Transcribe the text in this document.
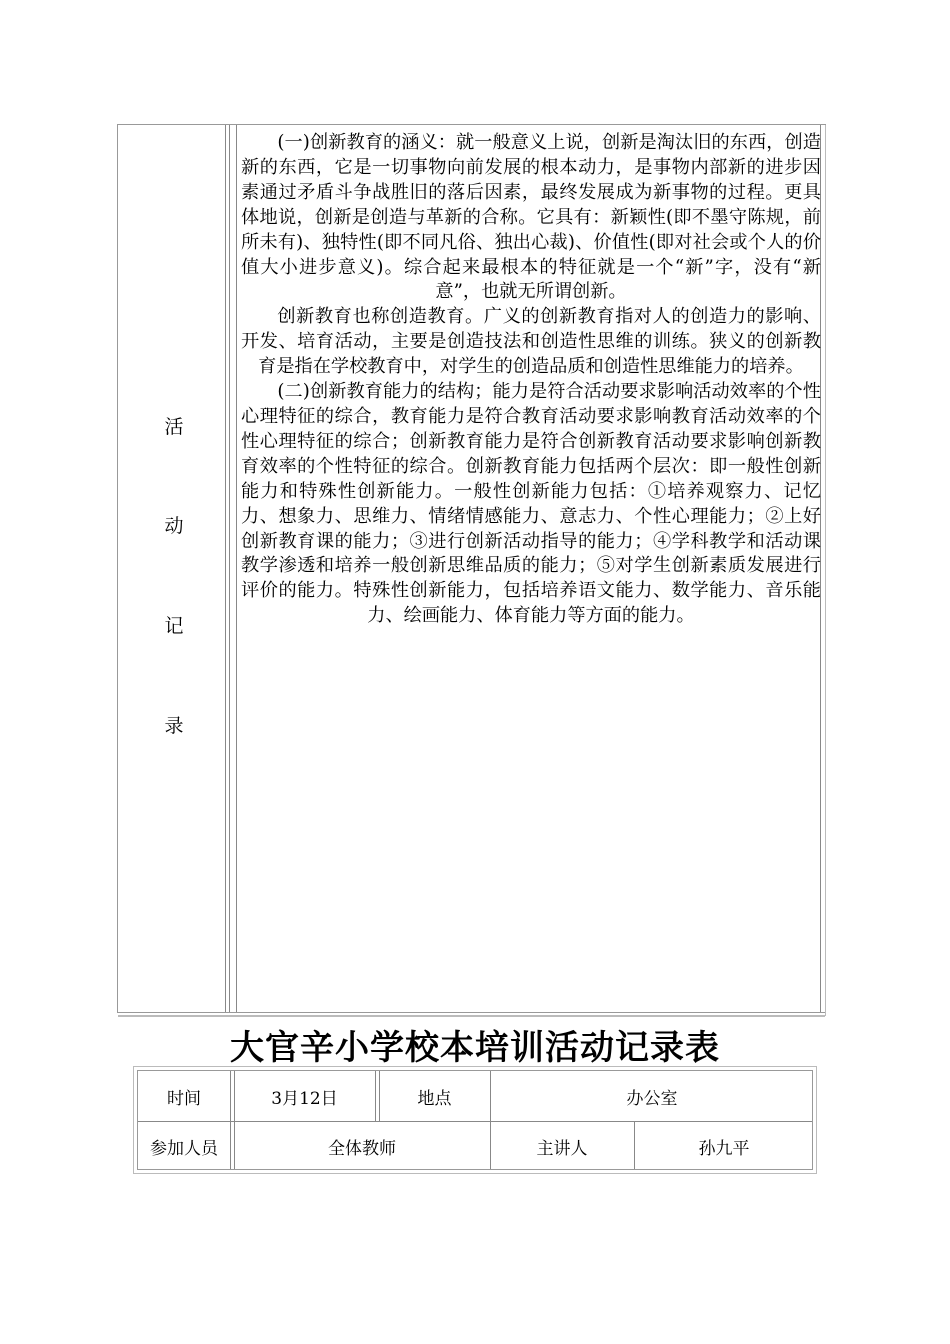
活
动
记
录

(一)创新教育的涵义：就一般意义上说，创新是淘汰旧的东西，创造新的东西，它是一切事物向前发展的根本动力，是事物内部新的进步因素通过矛盾斗争战胜旧的落后因素，最终发展成为新事物的过程。更具体地说，创新是创造与革新的合称。它具有：新颖性(即不墨守陈规，前所未有)、独特性(即不同凡俗、独出心裁)、价值性(即对社会或个人的价值大小进步意义)。综合起来最根本的特征就是一个“新”字，没有“新意”，也就无所谓创新。

创新教育也称创造教育。广义的创新教育指对人的创造力的影响、开发、培育活动，主要是创造技法和创造性思维的训练。狭义的创新教育是指在学校教育中，对学生的创造品质和创造性思维能力的培养。

(二)创新教育能力的结构；能力是符合活动要求影响活动效率的个性心理特征的综合，教育能力是符合教育活动要求影响教育活动效率的个性心理特征的综合；创新教育能力是符合创新教育活动要求影响创新教育效率的个性特征的综合。创新教育能力包括两个层次：即一般性创新能力和特殊性创新能力。一般性创新能力包括：①培养观察力、记忆力、想象力、思维力、情绪情感能力、意志力、个性心理能力；②上好创新教育课的能力；③进行创新活动指导的能力；④学科教学和活动课教学渗透和培养一般创新思维品质的能力；⑤对学生创新素质发展进行评价的能力。特殊性创新能力，包括培养语文能力、数学能力、音乐能力、绘画能力、体育能力等方面的能力。

大官辛小学校本培训活动记录表
时间	3月12日	地点	办公室
参加人员	全体教师	主讲人	孙九平
